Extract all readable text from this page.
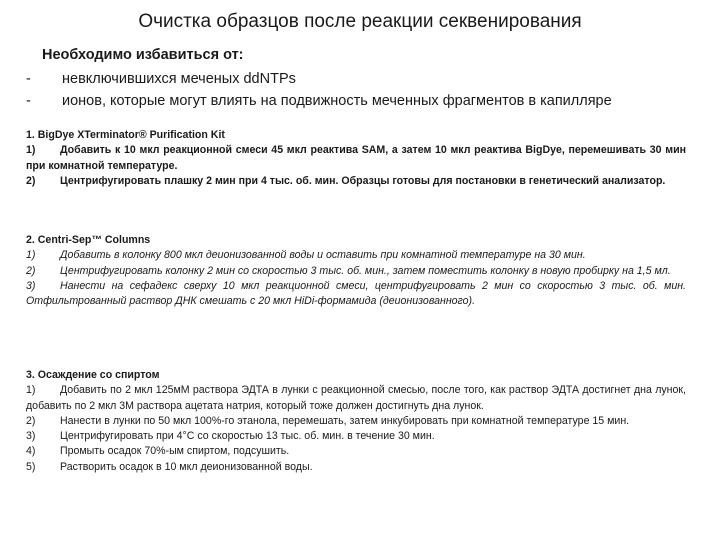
Очистка образцов после реакции секвенирования
Необходимо избавиться от:
- невключившихся меченых ddNTPs
- ионов, которые могут влиять на подвижность меченных фрагментов в капилляре
1. BigDye XTerminator® Purification Kit
1) Добавить к 10 мкл реакционной смеси 45 мкл реактива SAM, а затем 10 мкл реактива BigDye, перемешивать 30 мин при комнатной температуре.
2) Центрифугировать плашку 2 мин при 4 тыс. об. мин. Образцы готовы для постановки в генетический анализатор.
2. Centri-Sep™ Columns
1) Добавить в колонку 800 мкл деионизованной воды и оставить при комнатной температуре на 30 мин.
2) Центрифугировать колонку 2 мин со скоростью 3 тыс. об. мин., затем поместить колонку в новую пробирку на 1,5 мл.
3) Нанести на сефадекс сверху 10 мкл реакционной смеси, центрифугировать 2 мин со скоростью 3 тыс. об. мин. Отфильтрованный раствор ДНК смешать с 20 мкл HiDi-формамида (деионизованного).
3. Осаждение со спиртом
1) Добавить по 2 мкл 125мМ раствора ЭДТА в лунки с реакционной смесью, после того, как раствор ЭДТА достигнет дна лунок, добавить по 2 мкл 3М раствора ацетата натрия, который тоже должен достигнуть дна лунок.
2) Нанести в лунки по 50 мкл 100%-го этанола, перемешать, затем инкубировать при комнатной температуре 15 мин.
3) Центрифугировать при 4°С со скоростью 13 тыс. об. мин. в течение 30 мин.
4) Промыть осадок 70%-ым спиртом, подсушить.
5) Растворить осадок в 10 мкл деионизованной воды.
